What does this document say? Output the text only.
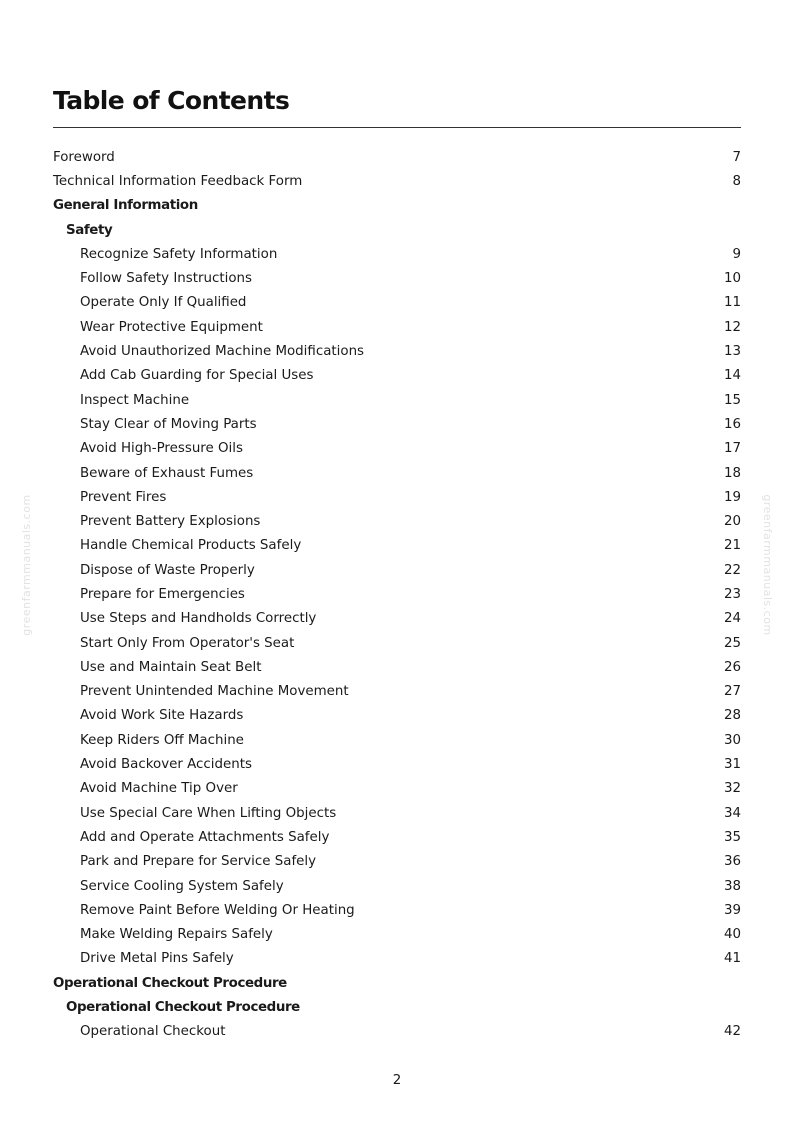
greenfarmmanuals.com	greenfarmmanuals.com
Table of Contents
Foreword	7
Technical Information Feedback Form	8
General Information
Safety
Recognize Safety Information	9
Follow Safety Instructions	10
Operate Only If Qualified	11
Wear Protective Equipment	12
Avoid Unauthorized Machine Modifications	13
Add Cab Guarding for Special Uses	14
Inspect Machine	15
Stay Clear of Moving Parts	16
Avoid High-Pressure Oils	17
Beware of Exhaust Fumes	18
Prevent Fires	19
Prevent Battery Explosions	20
Handle Chemical Products Safely	21
Dispose of Waste Properly	22
Prepare for Emergencies	23
Use Steps and Handholds Correctly	24
Start Only From Operator's Seat	25
Use and Maintain Seat Belt	26
Prevent Unintended Machine Movement	27
Avoid Work Site Hazards	28
Keep Riders Off Machine	30
Avoid Backover Accidents	31
Avoid Machine Tip Over	32
Use Special Care When Lifting Objects	34
Add and Operate Attachments Safely	35
Park and Prepare for Service Safely	36
Service Cooling System Safely	38
Remove Paint Before Welding Or Heating	39
Make Welding Repairs Safely	40
Drive Metal Pins Safely	41
Operational Checkout Procedure
Operational Checkout Procedure
Operational Checkout	42
2
